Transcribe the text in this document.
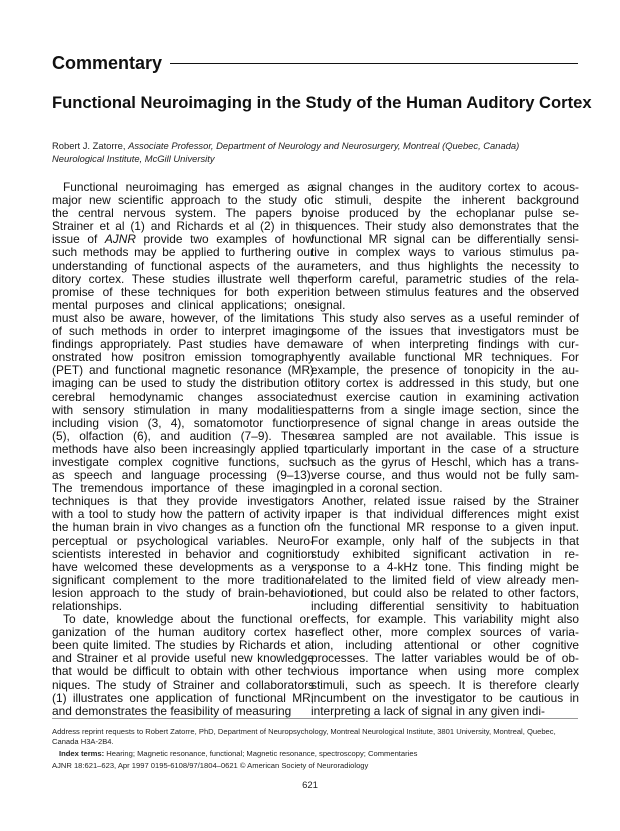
Commentary
Functional Neuroimaging in the Study of the Human Auditory Cortex
Robert J. Zatorre, Associate Professor, Department of Neurology and Neurosurgery, Montreal (Quebec, Canada)
Neurological Institute, McGill University
Functional neuroimaging has emerged as a
major new scientific approach to the study of
the central nervous system. The papers by
Strainer et al (1) and Richards et al (2) in this
issue of AJNR provide two examples of how
such methods may be applied to furthering our
understanding of functional aspects of the au-
ditory cortex. These studies illustrate well the
promise of these techniques for both experi-
mental purposes and clinical applications; one
must also be aware, however, of the limitations
of such methods in order to interpret imaging
findings appropriately. Past studies have dem-
onstrated how positron emission tomography
(PET) and functional magnetic resonance (MR)
imaging can be used to study the distribution of
cerebral hemodynamic changes associated
with sensory stimulation in many modalities,
including vision (3, 4), somatomotor function
(5), olfaction (6), and audition (7–9). These
methods have also been increasingly applied to
investigate complex cognitive functions, such
as speech and language processing (9–13).
The tremendous importance of these imaging
techniques is that they provide investigators
with a tool to study how the pattern of activity in
the human brain in vivo changes as a function of
perceptual or psychological variables. Neuro-
scientists interested in behavior and cognition
have welcomed these developments as a very
significant complement to the more traditional
lesion approach to the study of brain-behavior
relationships.
To date, knowledge about the functional or-
ganization of the human auditory cortex has
been quite limited. The studies by Richards et al
and Strainer et al provide useful new knowledge
that would be difficult to obtain with other tech-
niques. The study of Strainer and collaborators
(1) illustrates one application of functional MR,
and demonstrates the feasibility of measuring
signal changes in the auditory cortex to acous-
tic stimuli, despite the inherent background
noise produced by the echoplanar pulse se-
quences. Their study also demonstrates that the
functional MR signal can be differentially sensi-
tive in complex ways to various stimulus pa-
rameters, and thus highlights the necessity to
perform careful, parametric studies of the rela-
tion between stimulus features and the observed
signal.
This study also serves as a useful reminder of
some of the issues that investigators must be
aware of when interpreting findings with cur-
rently available functional MR techniques. For
example, the presence of tonopicity in the au-
ditory cortex is addressed in this study, but one
must exercise caution in examining activation
patterns from a single image section, since the
presence of signal change in areas outside the
area sampled are not available. This issue is
particularly important in the case of a structure
such as the gyrus of Heschl, which has a trans-
verse course, and thus would not be fully sam-
pled in a coronal section.
Another, related issue raised by the Strainer
paper is that individual differences might exist
in the functional MR response to a given input.
For example, only half of the subjects in that
study exhibited significant activation in re-
sponse to a 4-kHz tone. This finding might be
related to the limited field of view already men-
tioned, but could also be related to other factors,
including differential sensitivity to habituation
effects, for example. This variability might also
reflect other, more complex sources of varia-
tion, including attentional or other cognitive
processes. The latter variables would be of ob-
vious importance when using more complex
stimuli, such as speech. It is therefore clearly
incumbent on the investigator to be cautious in
interpreting a lack of signal in any given indi-

Address reprint requests to Robert Zatorre, PhD, Department of Neuropsychology, Montreal Neurological Institute, 3801 University, Montreal, Quebec,

Canada H3A-2B4.

Index terms: Hearing; Magnetic resonance, functional; Magnetic resonance, spectroscopy; Commentaries

AJNR 18:621–623, Apr 1997 0195-6108/97/1804–0621 © American Society of Neuroradiology
621
